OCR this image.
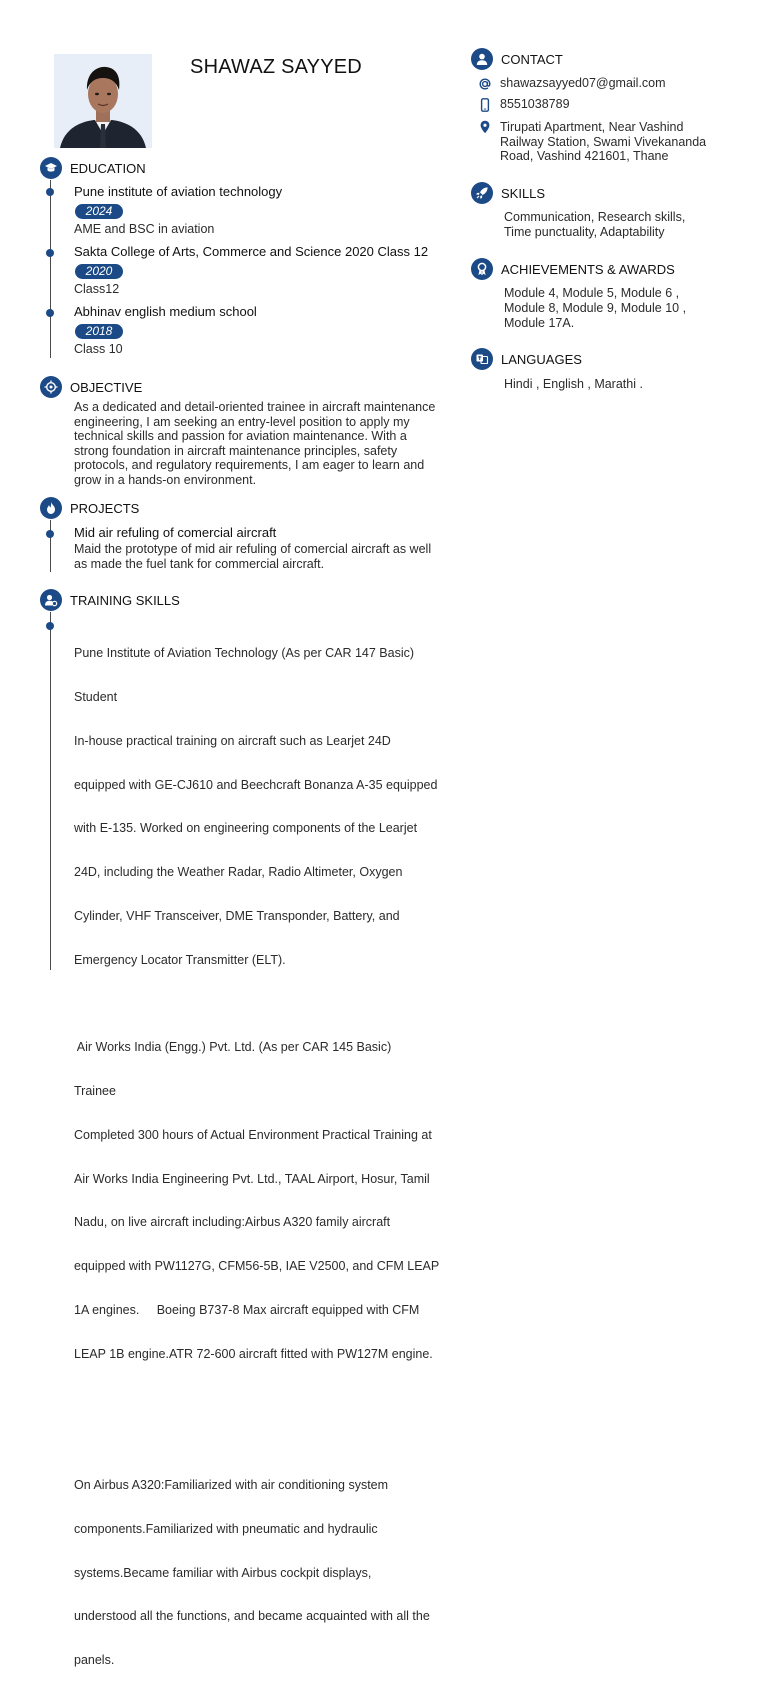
SHAWAZ SAYYED
EDUCATION
Pune institute of aviation technology
2024
AME and BSC in aviation
Sakta College of Arts, Commerce and Science 2020 Class 12
2020
Class12
Abhinav english medium school
2018
Class 10
OBJECTIVE
As a dedicated and detail-oriented trainee in aircraft maintenance
engineering, I am seeking an entry-level position to apply my
technical skills and passion for aviation maintenance. With a
strong foundation in aircraft maintenance principles, safety
protocols, and regulatory requirements, I am eager to learn and
grow in a hands-on environment.
PROJECTS
Mid air refuling of comercial aircraft
Maid the prototype of mid air refuling of comercial aircraft as well
as made the fuel tank for commercial aircraft.
TRAINING SKILLS

Pune Institute of Aviation Technology (As per CAR 147 Basic)

Student

In-house practical training on aircraft such as Learjet 24D

equipped with GE-CJ610 and Beechcraft Bonanza A-35 equipped

with E-135. Worked on engineering components of the Learjet

24D, including the Weather Radar, Radio Altimeter, Oxygen

Cylinder, VHF Transceiver, DME Transponder, Battery, and

Emergency Locator Transmitter (ELT).

Air Works India (Engg.) Pvt. Ltd. (As per CAR 145 Basic)

Trainee

Completed 300 hours of Actual Environment Practical Training at

Air Works India Engineering Pvt. Ltd., TAAL Airport, Hosur, Tamil

Nadu, on live aircraft including:Airbus A320 family aircraft

equipped with PW1127G, CFM56-5B, IAE V2500, and CFM LEAP

1A engines.     Boeing B737-8 Max aircraft equipped with CFM

LEAP 1B engine.ATR 72-600 aircraft fitted with PW127M engine.

On Airbus A320:Familiarized with air conditioning system

components.Familiarized with pneumatic and hydraulic

systems.Became familiar with Airbus cockpit displays,

understood all the functions, and became acquainted with all the

panels.

CONTACT
shawazsayyed07@gmail.com
8551038789
Tirupati Apartment, Near Vashind
Railway Station, Swami Vivekananda
Road, Vashind 421601, Thane
SKILLS
Communication, Research skills,
Time punctuality, Adaptability
ACHIEVEMENTS & AWARDS
Module 4, Module 5, Module 6 ,
Module 8, Module 9, Module 10 ,
Module 17A.
LANGUAGES
Hindi , English , Marathi .
